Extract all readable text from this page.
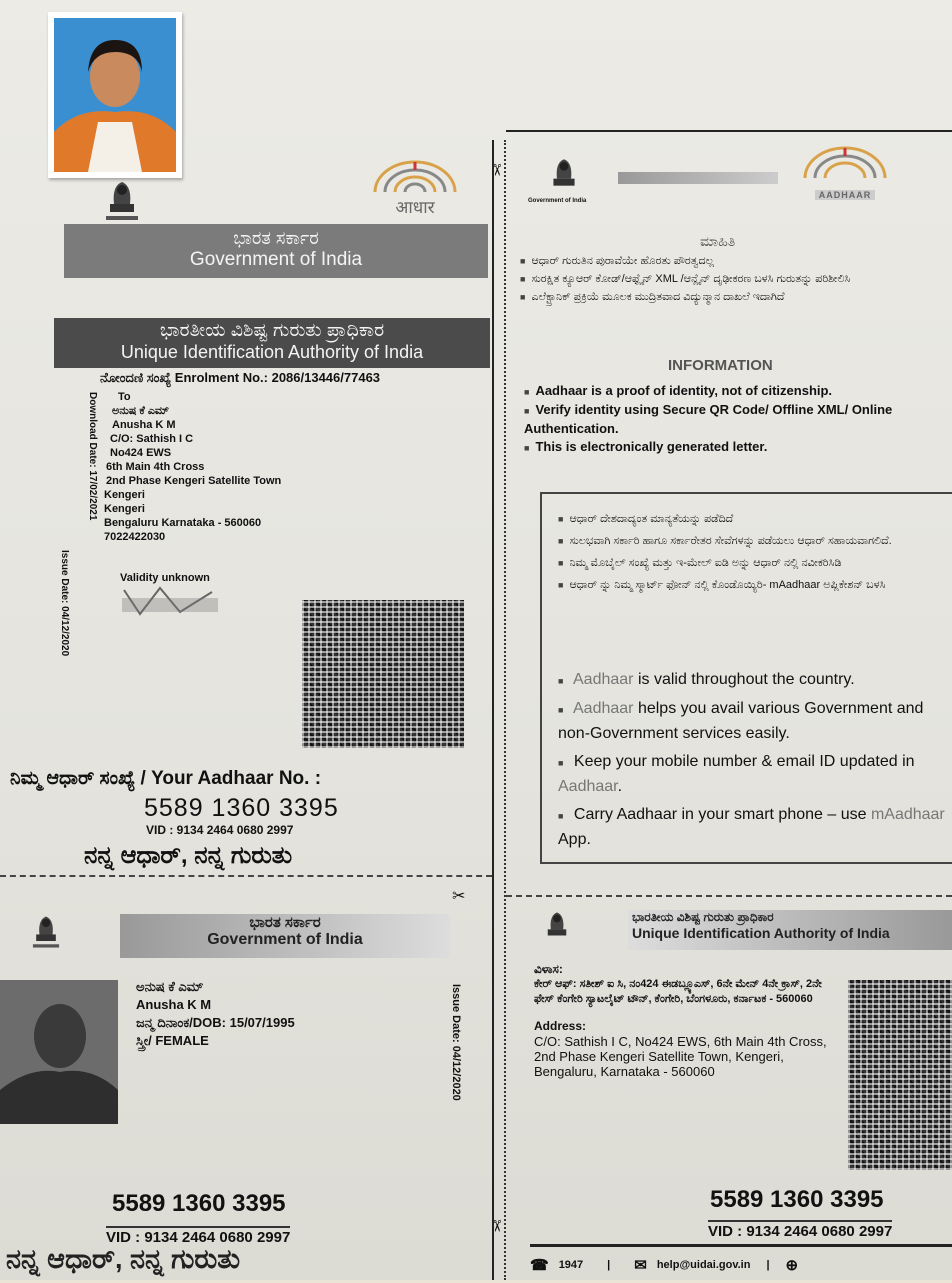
आधार
ಭಾರತ ಸರ್ಕಾರ
Government of India
ಭಾರತೀಯ ವಿಶಿಷ್ಟ ಗುರುತು ಪ್ರಾಧಿಕಾರ
Unique Identification Authority of India
ನೋಂದಣಿ ಸಂಖ್ಯೆ Enrolment No.: 2086/13446/77463
Download Date: 17/02/2021
Issue Date: 04/12/2020
To
ಅನುಷ ಕೆ ಎಮ್
Anusha K M
C/O: Sathish I C
No424 EWS
6th Main 4th Cross
2nd Phase Kengeri Satellite Town
Kengeri
Kengeri
Bengaluru Karnataka - 560060
7022422030
Validity unknown
ನಿಮ್ಮ ಆಧಾರ್ ಸಂಖ್ಯೆ / Your Aadhaar No. :
5589 1360 3395
VID : 9134 2464 0680 2997
ನನ್ನ ಆಧಾರ್, ನನ್ನ ಗುರುತು
Government of India
AADHAAR
ಮಾಹಿತಿ
■ ಆಧಾರ್ ಗುರುತಿನ ಪುರಾವೆಯೇ ಹೊರತು ಪೌರತ್ವದಲ್ಲ
■ ಸುರಕ್ಷಿತ ಕ್ಯೂಆರ್ ಕೋಡ್/ಆಫ್ಲೈನ್ XML /ಆನ್ಲೈನ್ ದೃಢೀಕರಣ ಬಳಸಿ ಗುರುತನ್ನು ಪರಿಶೀಲಿಸಿ
■ ಎಲೆಕ್ಟ್ರಾನಿಕ್ ಪ್ರಕ್ರಿಯೆ ಮೂಲಕ ಮುದ್ರಿತವಾದ ವಿದ್ಯುನ್ಮಾನ ದಾಖಲೆ ಇದಾಗಿದೆ
INFORMATION
■ Aadhaar is a proof of identity, not of citizenship.
■ Verify identity using Secure QR Code/ Offline XML/ Online Authentication.
■ This is electronically generated letter.
■ ಆಧಾರ್ ದೇಶದಾದ್ಯಂತ ಮಾನ್ಯತೆಯನ್ನು ಪಡೆದಿದೆ
■ ಸುಲಭವಾಗಿ ಸರ್ಕಾರಿ ಹಾಗೂ ಸರ್ಕಾರೇತರ ಸೇವೆಗಳನ್ನು ಪಡೆಯಲು ಆಧಾರ್ ಸಹಾಯವಾಗಲಿದೆ.
■ ನಿಮ್ಮ ಮೊಬೈಲ್ ಸಂಖ್ಯೆ ಮತ್ತು ಇ-ಮೇಲ್ ಐಡಿ ಅನ್ನು ಆಧಾರ್ ನಲ್ಲಿ ನವೀಕರಿಸಿಡಿ
■ ಆಧಾರ್ ನ್ನು ನಿಮ್ಮ ಸ್ಮಾರ್ಟ್ ಫೋನ್ ನಲ್ಲಿ ಕೊಂಡೊಯ್ಯಿರಿ- mAadhaar ಅಪ್ಲಿಕೇಶನ್ ಬಳಸಿ
■ Aadhaar is valid throughout the country.
■ Aadhaar helps you avail various Government and non-Government services easily.
■ Keep your mobile number & email ID updated in Aadhaar.
■ Carry Aadhaar in your smart phone – use mAadhaar App.
✂
✂
✂
ಭಾರತ ಸರ್ಕಾರ
Government of India
ಅನುಷ ಕೆ ಎಮ್
Anusha K M
ಜನ್ಮ ದಿನಾಂಕ/DOB: 15/07/1995
ಸ್ತ್ರೀ/ FEMALE	Issue Date: 04/12/2020
5589 1360 3395
VID : 9134 2464 0680 2997
ನನ್ನ ಆಧಾರ್, ನನ್ನ ಗುರುತು
ಭಾರತೀಯ ವಿಶಿಷ್ಟ ಗುರುತು ಪ್ರಾಧಿಕಾರ
Unique Identification Authority of India
ವಿಳಾಸ:
ಕೇರ್ ಆಫ್: ಸತೀಶ್ ಐ ಸಿ, ನಂ424 ಈಡಬ್ಲ್ಯೂಎಸ್, 6ನೇ ಮೇನ್ 4ನೇ ಕ್ರಾಸ್, 2ನೇ ಫೇಸ್ ಕೆಂಗೇರಿ ಸ್ಯಾಟಲೈಟ್ ಟೌನ್, ಕೆಂಗೇರಿ, ಬೆಂಗಳೂರು, ಕರ್ನಾಟಕ - 560060
Address:
C/O: Sathish I C, No424 EWS, 6th Main 4th Cross, 2nd Phase Kengeri Satellite Town, Kengeri, Bengaluru, Karnataka - 560060
5589 1360 3395
VID : 9134 2464 0680 2997
☎ 1947 | ✉ help@uidai.gov.in | ⊕
